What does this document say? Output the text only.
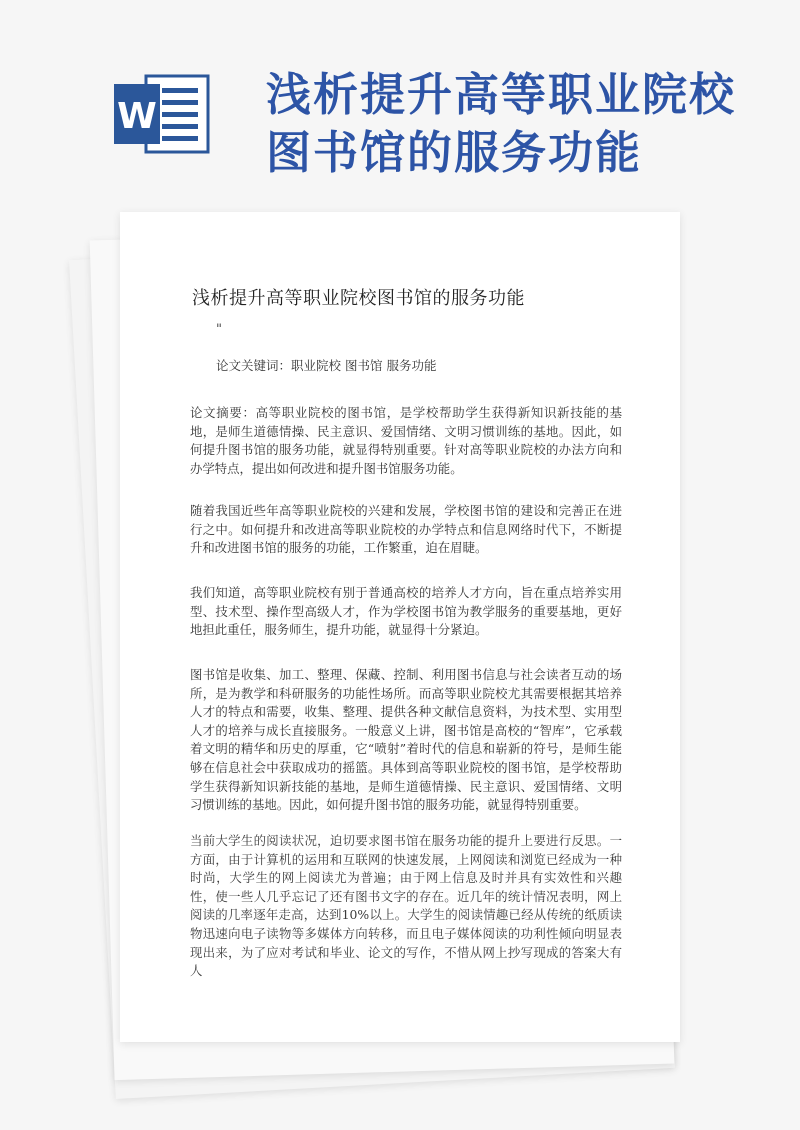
W 浅析提升高等职业院校
图书馆的服务功能
浅析提升高等职业院校图书馆的服务功能
"

论文关键词：职业院校 图书馆 服务功能

论文摘要：高等职业院校的图书馆，是学校帮助学生获得新知识新技能的基地，是师生道德情操、民主意识、爱国情绪、文明习惯训练的基地。因此，如何提升图书馆的服务功能，就显得特别重要。针对高等职业院校的办法方向和办学特点，提出如何改进和提升图书馆服务功能。

随着我国近些年高等职业院校的兴建和发展，学校图书馆的建设和完善正在进行之中。如何提升和改进高等职业院校的办学特点和信息网络时代下，不断提升和改进图书馆的服务的功能，工作繁重，迫在眉睫。

我们知道，高等职业院校有别于普通高校的培养人才方向，旨在重点培养实用型、技术型、操作型高级人才，作为学校图书馆为教学服务的重要基地，更好地担此重任，服务师生，提升功能，就显得十分紧迫。

图书馆是收集、加工、整理、保藏、控制、利用图书信息与社会读者互动的场所，是为教学和科研服务的功能性场所。而高等职业院校尤其需要根据其培养人才的特点和需要，收集、整理、提供各种文献信息资料，为技术型、实用型人才的培养与成长直接服务。一般意义上讲，图书馆是高校的“智库”，它承载着文明的精华和历史的厚重，它“喷射”着时代的信息和崭新的符号，是师生能够在信息社会中获取成功的摇篮。具体到高等职业院校的图书馆，是学校帮助学生获得新知识新技能的基地，是师生道德情操、民主意识、爱国情绪、文明习惯训练的基地。因此，如何提升图书馆的服务功能，就显得特别重要。

当前大学生的阅读状况，迫切要求图书馆在服务功能的提升上要进行反思。一方面，由于计算机的运用和互联网的快速发展，上网阅读和浏览已经成为一种时尚，大学生的网上阅读尤为普遍；由于网上信息及时并具有实效性和兴趣性，使一些人几乎忘记了还有图书文字的存在。近几年的统计情况表明，网上阅读的几率逐年走高，达到10%以上。大学生的阅读情趣已经从传统的纸质读物迅速向电子读物等多媒体方向转移，而且电子媒体阅读的功利性倾向明显表现出来，为了应对考试和毕业、论文的写作，不惜从网上抄写现成的答案大有人
